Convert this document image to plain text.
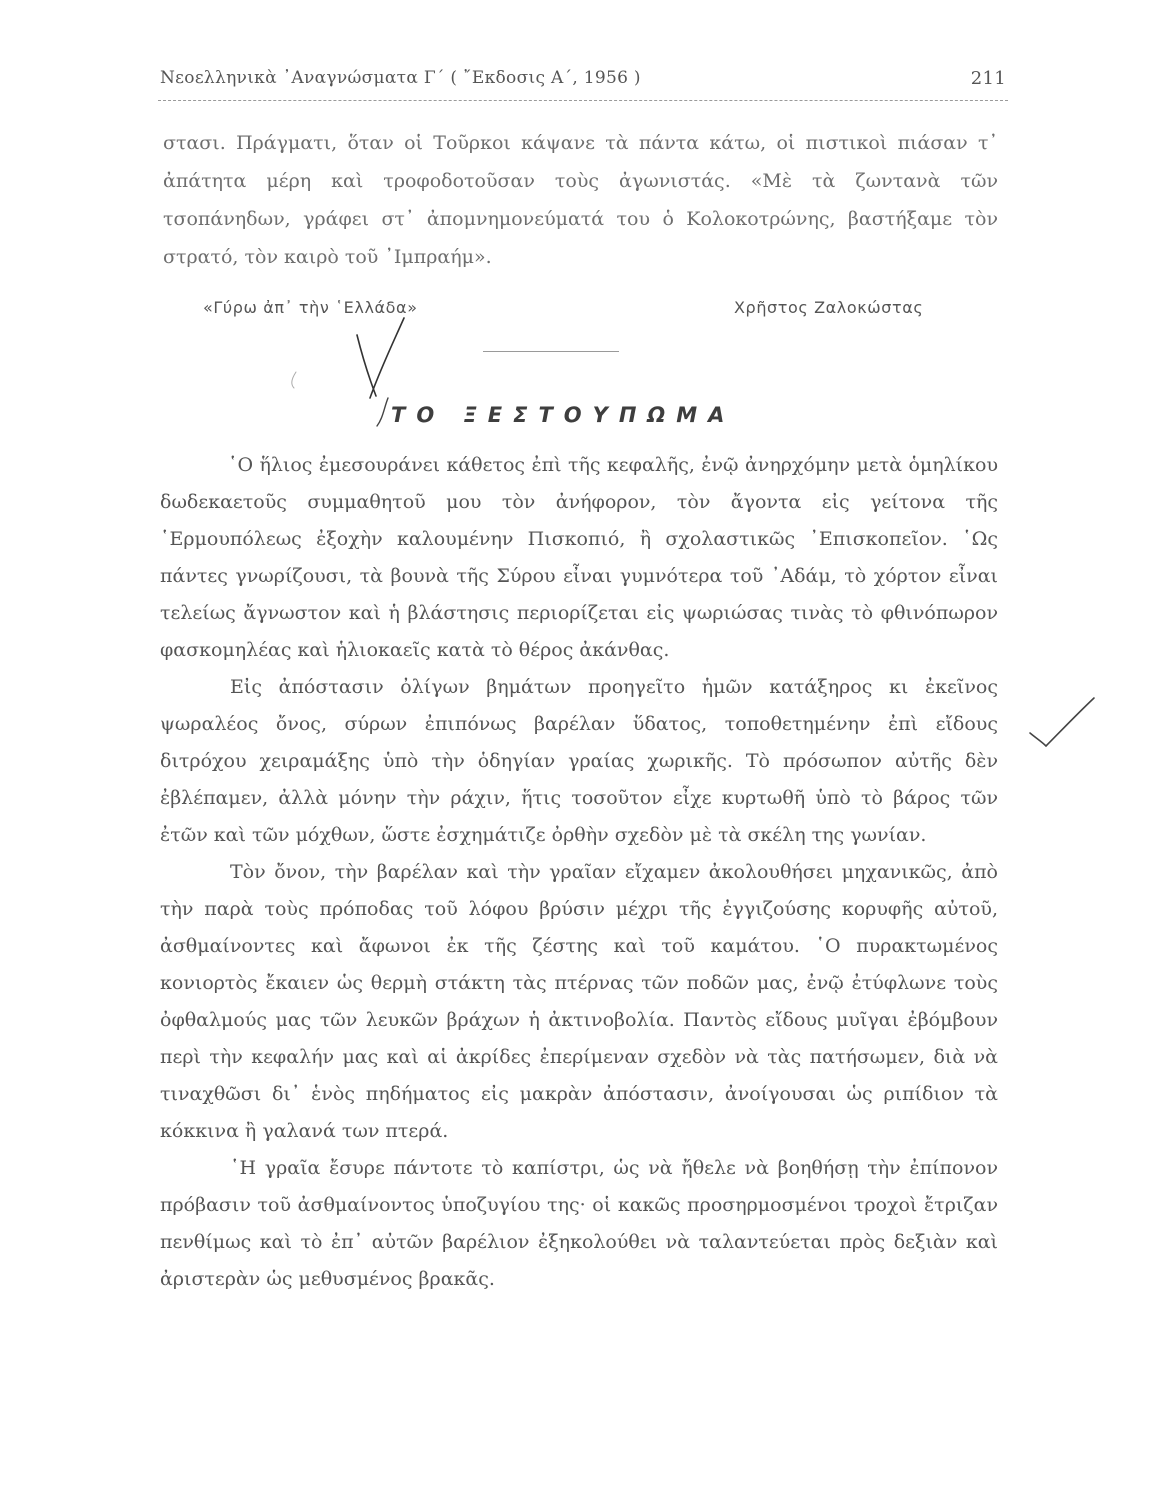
Νεοελληνικὰ ᾿Αναγνώσματα Γ΄ ( ῎Εκδοσις Α΄, 1956 )	211

στασι. Πράγματι, ὅταν οἱ Τοῦρκοι κάψανε τὰ πάντα κάτω, οἱ πιστικοὶ πιάσαν τ᾿ ἀπάτητα μέρη καὶ τροφοδοτοῦσαν τοὺς ἀγωνιστάς. «Μὲ τὰ ζωντανὰ τῶν τσοπάνηδων, γράφει στ᾿ ἀπομνημονεύματά του ὁ Κολοκοτρώνης, βαστήξαμε τὸν στρατό, τὸν καιρὸ τοῦ ᾿Ιμπραήμ».

«Γύρω ἀπ᾿ τὴν ῾Ελλάδα»	Χρῆστος Ζαλοκώστας
ΤΟ ΞΕΣΤΟΥΠΩΜΑ

῾Ο ἥλιος ἐμεσουράνει κάθετος ἐπὶ τῆς κεφαλῆς, ἐνῷ ἀνηρχόμην μετὰ ὁμηλίκου δωδεκαετοῦς συμμαθητοῦ μου τὸν ἀνήφορον, τὸν ἄγοντα εἰς γείτονα τῆς ῾Ερμουπόλεως ἐξοχὴν καλουμένην Πισκοπιό, ἢ σχολαστικῶς ᾿Επισκοπεῖον. ῾Ως πάντες γνωρίζουσι, τὰ βουνὰ τῆς Σύρου εἶναι γυμνότερα τοῦ ᾿Αδάμ, τὸ χόρτον εἶναι τελείως ἄγνωστον καὶ ἡ βλάστησις περιορίζεται εἰς ψωριώσας τινὰς τὸ φθινόπωρον φασκομηλέας καὶ ἡλιοκαεῖς κατὰ τὸ θέρος ἀκάνθας.

Εἰς ἀπόστασιν ὀλίγων βημάτων προηγεῖτο ἡμῶν κατάξηρος κι ἐκεῖνος ψωραλέος ὄνος, σύρων ἐπιπόνως βαρέλαν ὕδατος, τοποθετημένην ἐπὶ εἴδους διτρόχου χειραμάξης ὑπὸ τὴν ὁδηγίαν γραίας χωρικῆς. Τὸ πρόσωπον αὐτῆς δὲν ἐβλέπαμεν, ἀλλὰ μόνην τὴν ράχιν, ἥτις τοσοῦτον εἶχε κυρτωθῆ ὑπὸ τὸ βάρος τῶν ἐτῶν καὶ τῶν μόχθων, ὥστε ἐσχημάτιζε ὀρθὴν σχεδὸν μὲ τὰ σκέλη της γωνίαν.

Τὸν ὄνον, τὴν βαρέλαν καὶ τὴν γραῖαν εἴχαμεν ἀκολουθήσει μηχανικῶς, ἀπὸ τὴν παρὰ τοὺς πρόποδας τοῦ λόφου βρύσιν μέχρι τῆς ἐγγιζούσης κορυφῆς αὐτοῦ, ἀσθμαίνοντες καὶ ἄφωνοι ἐκ τῆς ζέστης καὶ τοῦ καμάτου. ῾Ο πυρακτωμένος κονιορτὸς ἔκαιεν ὡς θερμὴ στάκτη τὰς πτέρνας τῶν ποδῶν μας, ἐνῷ ἐτύφλωνε τοὺς ὀφθαλμούς μας τῶν λευκῶν βράχων ἡ ἀκτινοβολία. Παντὸς εἴδους μυῖγαι ἐβόμβουν περὶ τὴν κεφαλήν μας καὶ αἱ ἀκρίδες ἐπερίμεναν σχεδὸν νὰ τὰς πατήσωμεν, διὰ νὰ τιναχθῶσι δι᾿ ἑνὸς πηδήματος εἰς μακρὰν ἀπόστασιν, ἀνοίγουσαι ὡς ριπίδιον τὰ κόκκινα ἢ γαλανά των πτερά.

῾Η γραῖα ἔσυρε πάντοτε τὸ καπίστρι, ὡς νὰ ἤθελε νὰ βοηθήσῃ τὴν ἐπίπονον πρόβασιν τοῦ ἀσθμαίνοντος ὑποζυγίου της· οἱ κακῶς προσηρμοσμένοι τροχοὶ ἔτριζαν πενθίμως καὶ τὸ ἐπ᾿ αὐτῶν βαρέλιον ἐξηκολούθει νὰ ταλαντεύεται πρὸς δεξιὰν καὶ ἀριστερὰν ὡς μεθυσμένος βρακᾶς.
